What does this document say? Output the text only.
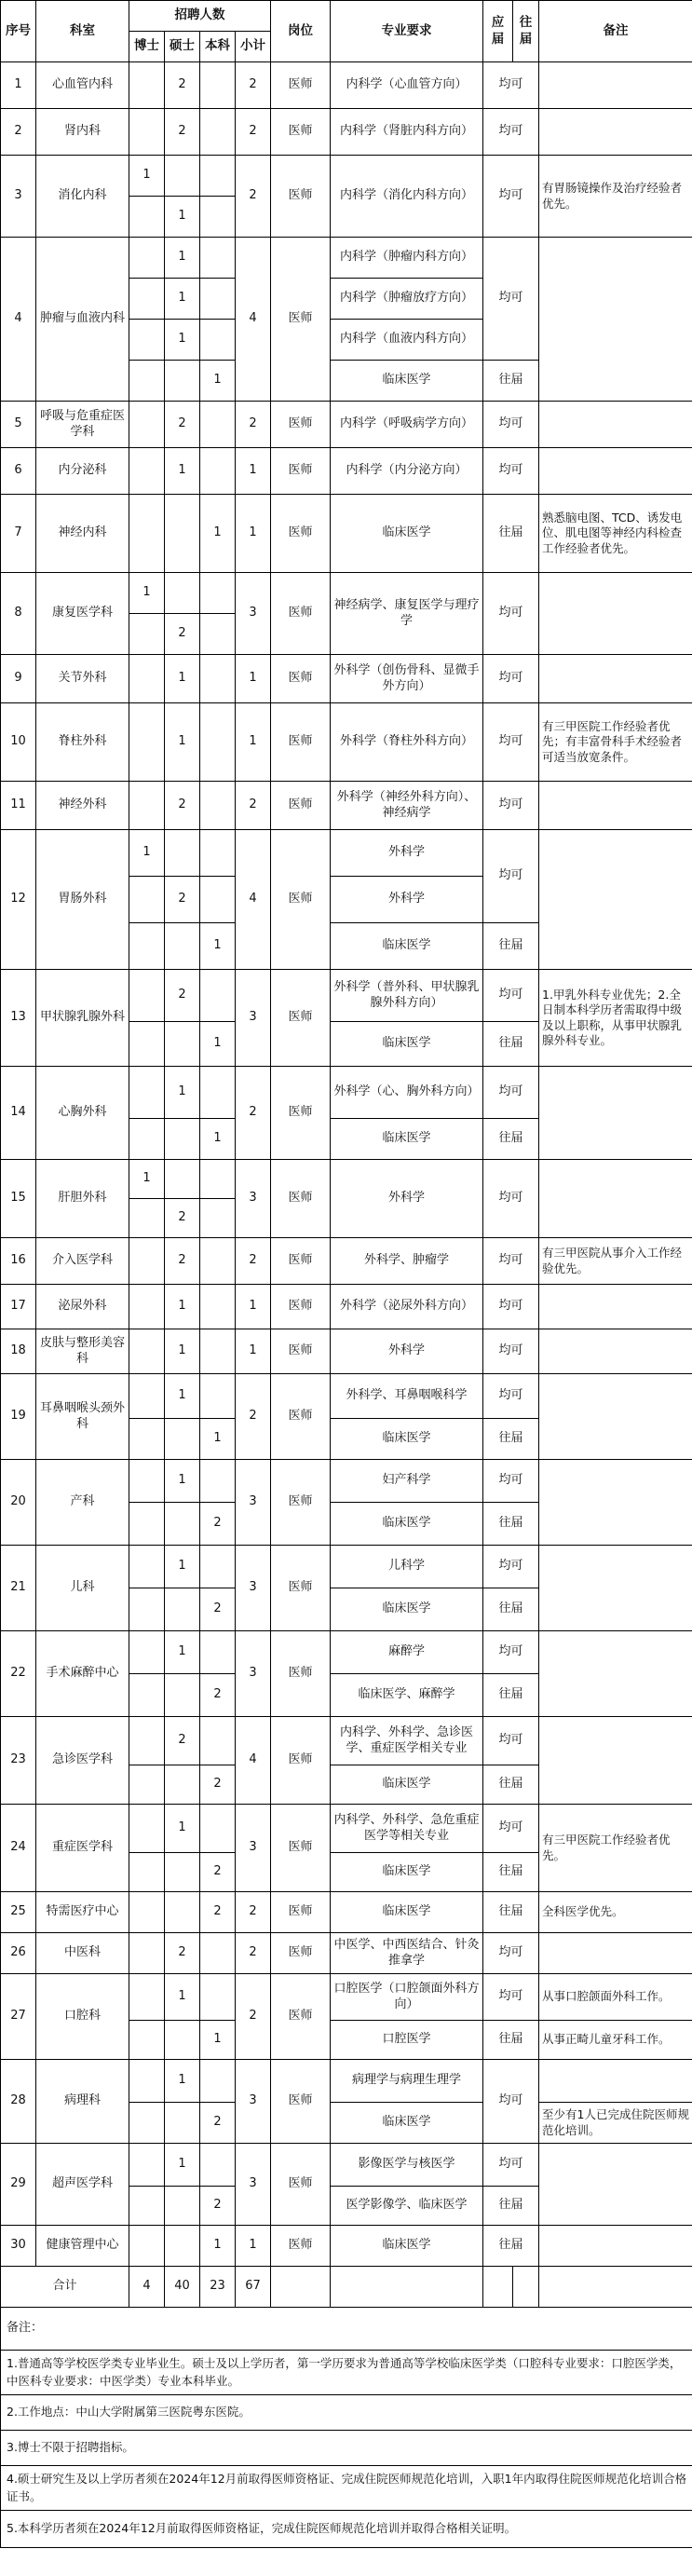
序号	科室	招聘人数				岗位	专业要求	应届	往届	备注
		博士	硕士	本科	小计					
1	心血管内科		2		2	医师	内科学（心血管方向）	均可		
2	肾内科		2		2	医师	内科学（肾脏内科方向）	均可		
3	消化内科	1			2	医师	内科学（消化内科方向）	均可		有胃肠镜操作及治疗经验者优先。
			1							
4	肿瘤与血液内科		1		4	医师	内科学（肿瘤内科方向）	均可		
			1				内科学（肿瘤放疗方向）			
			1				内科学（血液内科方向）			
				1			临床医学	往届		
5	呼吸与危重症医学科		2		2	医师	内科学（呼吸病学方向）	均可		
6	内分泌科		1		1	医师	内科学（内分泌方向）	均可		
7	神经内科			1	1	医师	临床医学	往届		熟悉脑电图、TCD、诱发电位、肌电图等神经内科检查工作经验者优先。
8	康复医学科	1			3	医师	神经病学、康复医学与理疗学	均可		
			2							
9	关节外科		1		1	医师	外科学（创伤骨科、显微手外方向）	均可		
10	脊柱外科		1		1	医师	外科学（脊柱外科方向）	均可		有三甲医院工作经验者优先；有丰富骨科手术经验者可适当放宽条件。
11	神经外科		2		2	医师	外科学（神经外科方向）、神经病学	均可		
12	胃肠外科	1			4	医师	外科学	均可		
			2				外科学			
				1			临床医学	往届		
13	甲状腺乳腺外科		2		3	医师	外科学（普外科、甲状腺乳腺外科方向）	均可		1.甲乳外科专业优先；2.全日制本科学历者需取得中级及以上职称，从事甲状腺乳腺外科专业。
				1			临床医学	往届		
14	心胸外科		1		2	医师	外科学（心、胸外科方向）	均可		
				1			临床医学	往届		
15	肝胆外科	1			3	医师	外科学	均可		
			2							
16	介入医学科		2		2	医师	外科学、肿瘤学	均可		有三甲医院从事介入工作经验优先。
17	泌尿外科		1		1	医师	外科学（泌尿外科方向）	均可		
18	皮肤与整形美容科		1		1	医师	外科学	均可		
19	耳鼻咽喉头颈外科		1		2	医师	外科学、耳鼻咽喉科学	均可		
				1			临床医学	往届		
20	产科		1		3	医师	妇产科学	均可		
				2			临床医学	往届		
21	儿科		1		3	医师	儿科学	均可		
				2			临床医学	往届		
22	手术麻醉中心		1		3	医师	麻醉学	均可		
				2			临床医学、麻醉学	往届		
23	急诊医学科		2		4	医师	内科学、外科学、急诊医学、重症医学相关专业	均可		
				2			临床医学	往届		
24	重症医学科		1		3	医师	内科学、外科学、急危重症医学等相关专业	均可		有三甲医院工作经验者优先。
				2			临床医学	往届		
25	特需医疗中心			2	2	医师	临床医学	往届		全科医学优先。
26	中医科		2		2	医师	中医学、中西医结合、针灸推拿学	均可		
27	口腔科		1		2	医师	口腔医学（口腔颌面外科方向）	均可		从事口腔颌面外科工作。
				1			口腔医学	往届		从事正畸儿童牙科工作。
28	病理科		1		3	医师	病理学与病理生理学	均可		
				2			临床医学			至少有1人已完成住院医师规范化培训。
29	超声医学科		1		3	医师	影像医学与核医学	均可		
				2			医学影像学、临床医学	往届		
30	健康管理中心			1	1	医师	临床医学	往届		
合计		4	40	23	67					
备注：										
1.普通高等学校医学类专业毕业生。硕士及以上学历者，第一学历要求为普通高等学校临床医学类（口腔科专业要求：口腔医学类，中医科专业要求：中医学类）专业本科毕业。										
2.工作地点：中山大学附属第三医院粤东医院。										
3.博士不限于招聘指标。										
4.硕士研究生及以上学历者须在2024年12月前取得医师资格证、完成住院医师规范化培训，入职1年内取得住院医师规范化培训合格证书。										
5.本科学历者须在2024年12月前取得医师资格证，完成住院医师规范化培训并取得合格相关证明。										
